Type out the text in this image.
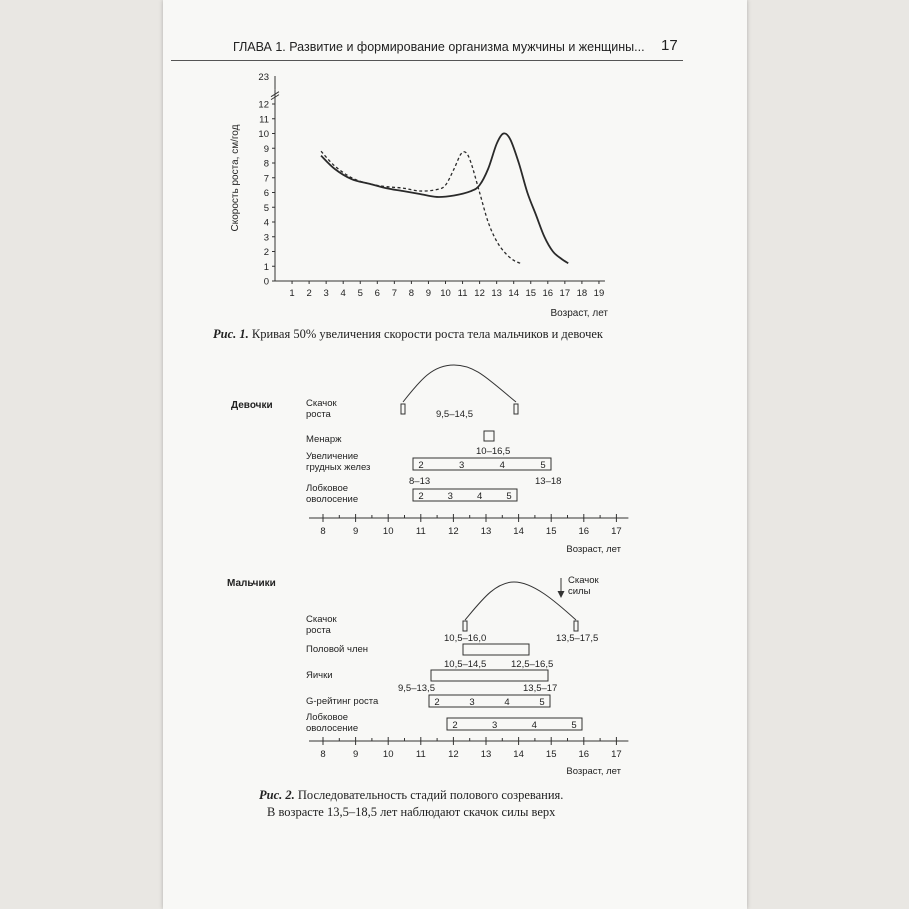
ГЛАВА 1. Развитие и формирование организма мужчины и женщины... 17
Скорость роста, см/год
23
0
1
2
3
4
5
6
7
8
9
10
11
12
1 2 3 4 5 6 7 8 9 10 11 12 13 14 15 16 17 18 19
Возраст, лет
Рис. 1. Кривая 50% увеличения скорости роста тела мальчиков и девочек
Девочки
9,5–14,5
Скачок роста
Менарж
10–16,5
Увеличение грудных желез	2	3	4	5
8–13	13–18
Лобковое оволосение	2	3	4	5
8	9	10 11 12 13 14 15 16 17
Возраст, лет
Мальчики	Скачок силы
Скачок роста
10,5–16,0	13,5–17,5
Половой член
10,5–14,5	12,5–16,5
Яички
9,5–13,5	13,5–17
G-рейтинг роста	2	3	4	5
Лобковое оволосение	2	3	4	5
8	9	10 11 12 13 14 15 16 17
Возраст, лет
Рис. 2. Последовательность стадий полового созревания.
В возрасте 13,5–18,5 лет наблюдают скачок силы верх
